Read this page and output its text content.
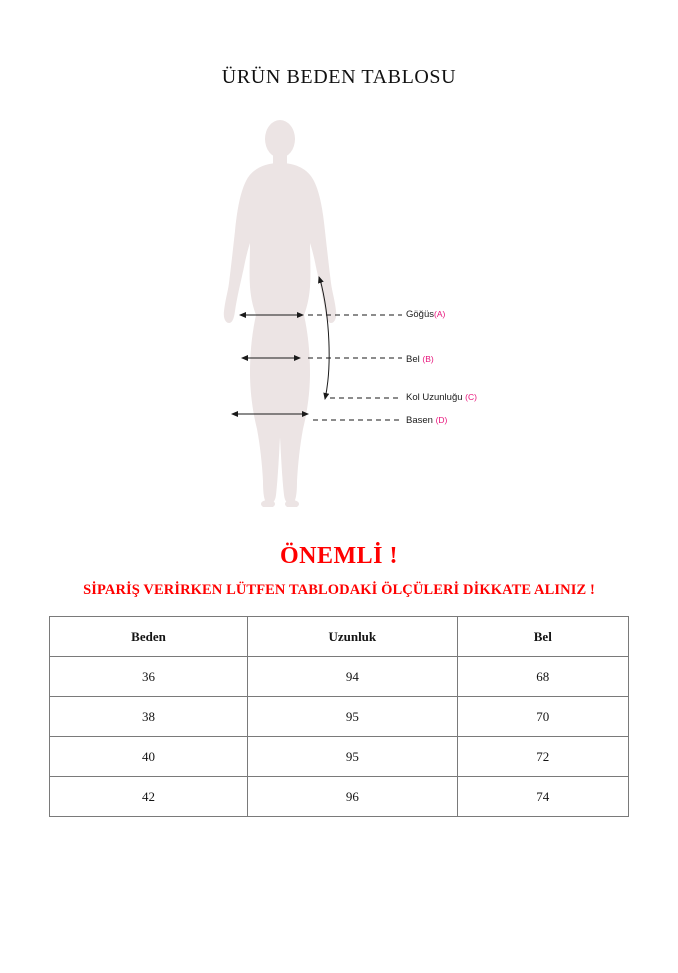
ÜRÜN BEDEN TABLOSU
Göğüs(A)
Bel (B)
Kol Uzunluğu (C)
Basen (D)
ÖNEMLİ !
SİPARİŞ VERİRKEN LÜTFEN TABLODAKİ ÖLÇÜLERİ DİKKATE ALINIZ !
Beden	Uzunluk	Bel
36	94	68
38	95	70
40	95	72
42	96	74
